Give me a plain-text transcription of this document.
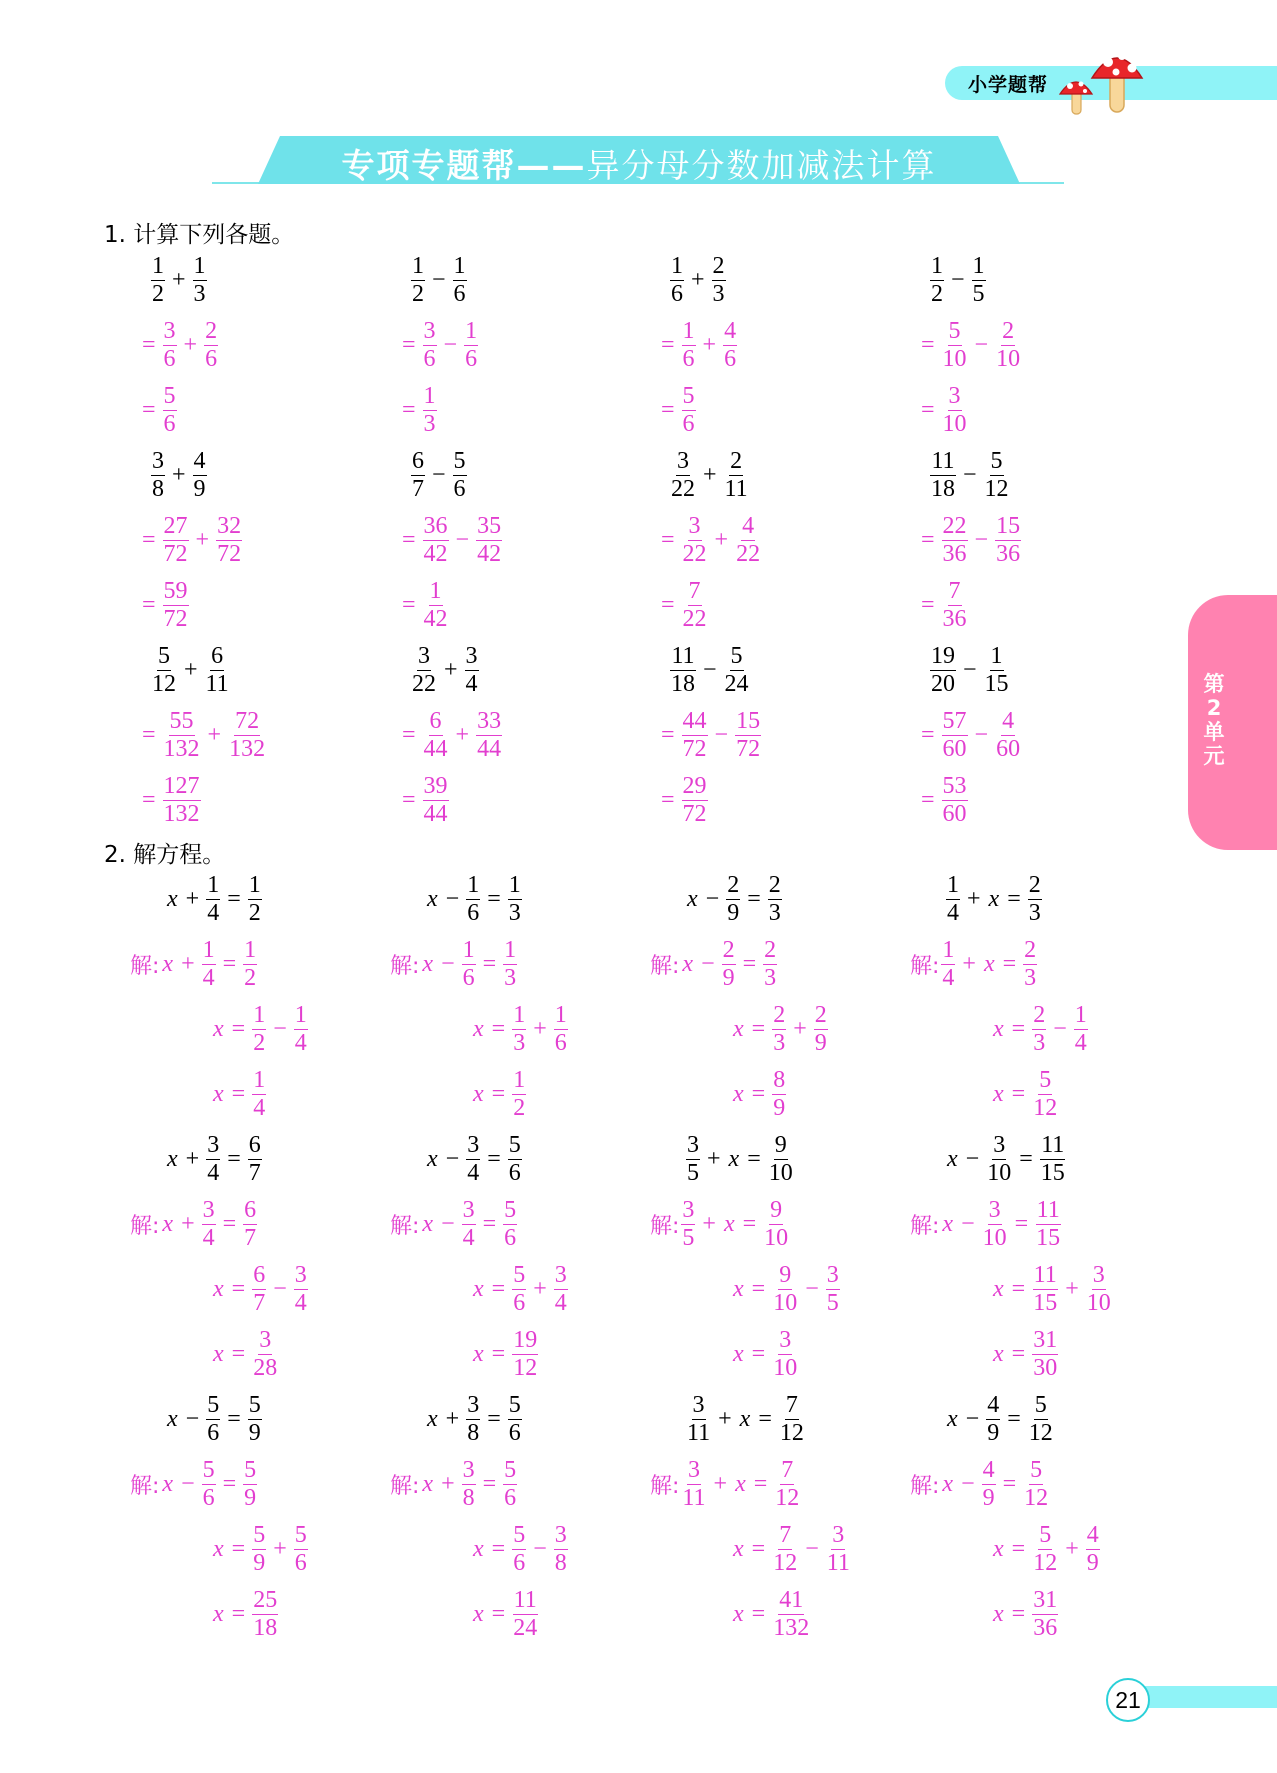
小学题帮
专项专题帮——异分母分数加减法计算
1. 计算下列各题。
2. 解方程。
第
2
单
元
21
$\frac{1}{2} + \frac{1}{3}$
= $\frac{3}{6} + \frac{2}{6}$
= $\frac{5}{6}$
$\frac{1}{2} - \frac{1}{6}$
= $\frac{3}{6} - \frac{1}{6}$
= $\frac{1}{3}$
$\frac{1}{6} + \frac{2}{3}$
= $\frac{1}{6} + \frac{4}{6}$
= $\frac{5}{6}$
$\frac{1}{2} - \frac{1}{5}$
= $\frac{5}{10} - \frac{2}{10}$
= $\frac{3}{10}$
$\frac{3}{8} + \frac{4}{9}$
= $\frac{27}{72} + \frac{32}{72}$
= $\frac{59}{72}$
$\frac{6}{7} - \frac{5}{6}$
= $\frac{36}{42} - \frac{35}{42}$
= $\frac{1}{42}$
$\frac{3}{22} + \frac{2}{11}$
= $\frac{3}{22} + \frac{4}{22}$
= $\frac{7}{22}$
$\frac{11}{18} - \frac{5}{12}$
= $\frac{22}{36} - \frac{15}{36}$
= $\frac{7}{36}$
$\frac{5}{12} + \frac{6}{11}$
= $\frac{55}{132} + \frac{72}{132}$
= $\frac{127}{132}$
$\frac{3}{22} + \frac{3}{4}$
= $\frac{6}{44} + \frac{33}{44}$
= $\frac{39}{44}$
$\frac{11}{18} - \frac{5}{24}$
= $\frac{44}{72} - \frac{15}{72}$
= $\frac{29}{72}$
$\frac{19}{20} - \frac{1}{15}$
= $\frac{57}{60} - \frac{4}{60}$
= $\frac{53}{60}$
$x + \frac{1}{4} = \frac{1}{2}$
解: $x + \frac{1}{4} = \frac{1}{2}$
$x = \frac{1}{2} - \frac{1}{4}$
$x = \frac{1}{4}$
$x - \frac{1}{6} = \frac{1}{3}$
解: $x - \frac{1}{6} = \frac{1}{3}$
$x = \frac{1}{3} + \frac{1}{6}$
$x = \frac{1}{2}$
$x - \frac{2}{9} = \frac{2}{3}$
解: $x - \frac{2}{9} = \frac{2}{3}$
$x = \frac{2}{3} + \frac{2}{9}$
$x = \frac{8}{9}$
$\frac{1}{4} + x = \frac{2}{3}$
解: $\frac{1}{4} + x = \frac{2}{3}$
$x = \frac{2}{3} - \frac{1}{4}$
$x = \frac{5}{12}$
$x + \frac{3}{4} = \frac{6}{7}$
解: $x + \frac{3}{4} = \frac{6}{7}$
$x = \frac{6}{7} - \frac{3}{4}$
$x = \frac{3}{28}$
$x - \frac{3}{4} = \frac{5}{6}$
解: $x - \frac{3}{4} = \frac{5}{6}$
$x = \frac{5}{6} + \frac{3}{4}$
$x = \frac{19}{12}$
$\frac{3}{5} + x = \frac{9}{10}$
解: $\frac{3}{5} + x = \frac{9}{10}$
$x = \frac{9}{10} - \frac{3}{5}$
$x = \frac{3}{10}$
$x - \frac{3}{10} = \frac{11}{15}$
解: $x - \frac{3}{10} = \frac{11}{15}$
$x = \frac{11}{15} + \frac{3}{10}$
$x = \frac{31}{30}$
$x - \frac{5}{6} = \frac{5}{9}$
解: $x - \frac{5}{6} = \frac{5}{9}$
$x = \frac{5}{9} + \frac{5}{6}$
$x = \frac{25}{18}$
$x + \frac{3}{8} = \frac{5}{6}$
解: $x + \frac{3}{8} = \frac{5}{6}$
$x = \frac{5}{6} - \frac{3}{8}$
$x = \frac{11}{24}$
$\frac{3}{11} + x = \frac{7}{12}$
解: $\frac{3}{11} + x = \frac{7}{12}$
$x = \frac{7}{12} - \frac{3}{11}$
$x = \frac{41}{132}$
$x - \frac{4}{9} = \frac{5}{12}$
解: $x - \frac{4}{9} = \frac{5}{12}$
$x = \frac{5}{12} + \frac{4}{9}$
$x = \frac{31}{36}$
